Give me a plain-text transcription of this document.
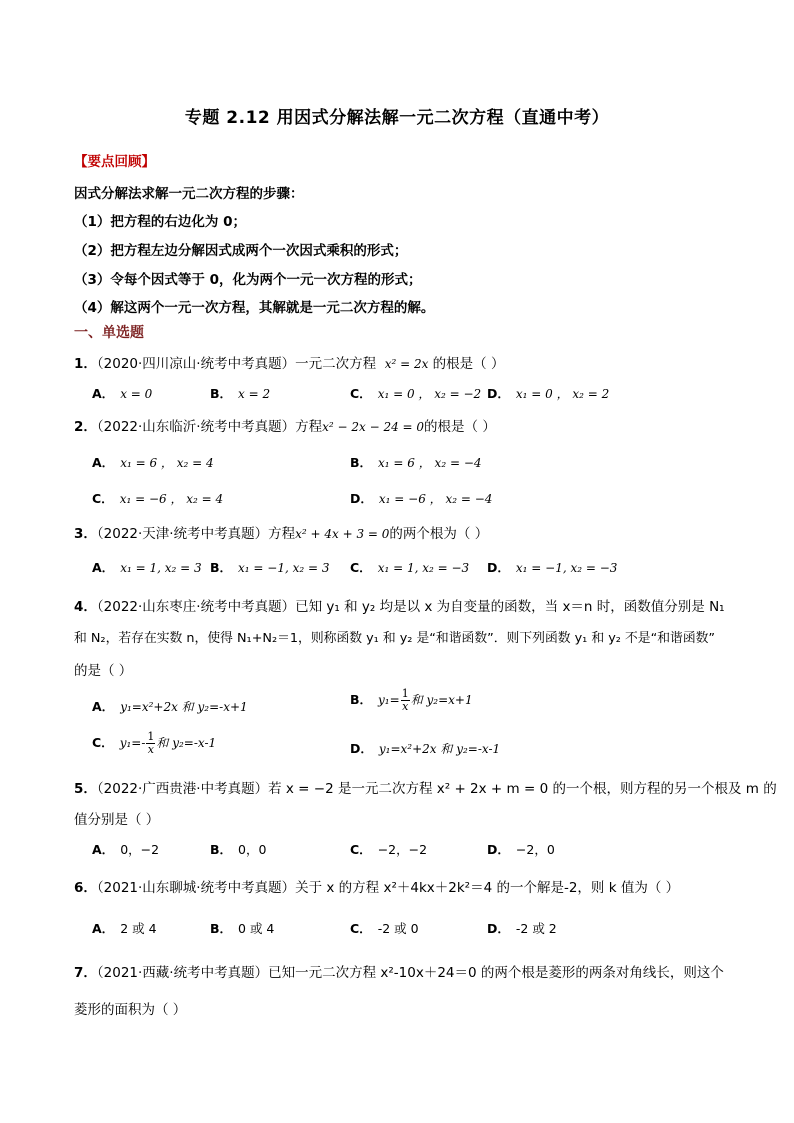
专题 2.12 用因式分解法解一元二次方程（直通中考）
【要点回顾】
因式分解法求解一元二次方程的步骤：
（1）把方程的右边化为 0；
（2）把方程左边分解因式成两个一次因式乘积的形式；
（3）令每个因式等于 0，化为两个一元一次方程的形式；
（4）解这两个一元一次方程，其解就是一元二次方程的解。
一、单选题
1．（2020·四川凉山·统考中考真题）一元二次方程 x² = 2x 的根是（ ）
A． x = 0	B． x = 2	C． x₁ = 0 ， x₂ = −2 D． x₁ = 0 ， x₂ = 2
2．（2022·山东临沂·统考中考真题）方程x² − 2x − 24 = 0的根是（ ）
A． x₁ = 6 ， x₂ = 4	B． x₁ = 6 ， x₂ = −4
C． x₁ = −6 ， x₂ = 4	D． x₁ = −6 ， x₂ = −4
3．（2022·天津·统考中考真题）方程x² + 4x + 3 = 0的两个根为（ ）
A． x₁ = 1, x₂ = 3 B． x₁ = −1, x₂ = 3 C． x₁ = 1, x₂ = −3 D． x₁ = −1, x₂ = −3
4．（2022·山东枣庄·统考中考真题）已知 y₁ 和 y₂ 均是以 x 为自变量的函数，当 x＝n 时，函数值分别是 N₁
和 N₂，若存在实数 n，使得 N₁+N₂＝1，则称函数 y₁ 和 y₂ 是“和谐函数”．则下列函数 y₁ 和 y₂ 不是“和谐函数”
的是（ ）
A． y₁=x²+2x 和 y₂=-x+1	B． $y_1= \frac{1}{x}$ 和 y₂=x+1
C． $y_1=- \frac{1}{x}$ 和 y₂=-x-1	D． y₁=x²+2x 和 y₂=-x-1
5．（2022·广西贵港·中考真题）若 x = −2 是一元二次方程 x² + 2x + m = 0 的一个根，则方程的另一个根及 m 的
值分别是（ ）
A． 0，−2	B． 0，0	C． −2，−2	D． −2，0
6．（2021·山东聊城·统考中考真题）关于 x 的方程 x²＋4kx＋2k²＝4 的一个解是-2，则 k 值为（ ）
A． 2 或 4	B． 0 或 4	C． -2 或 0	D． -2 或 2
7．（2021·西藏·统考中考真题）已知一元二次方程 x²-10x＋24＝0 的两个根是菱形的两条对角线长，则这个
菱形的面积为（ ）
